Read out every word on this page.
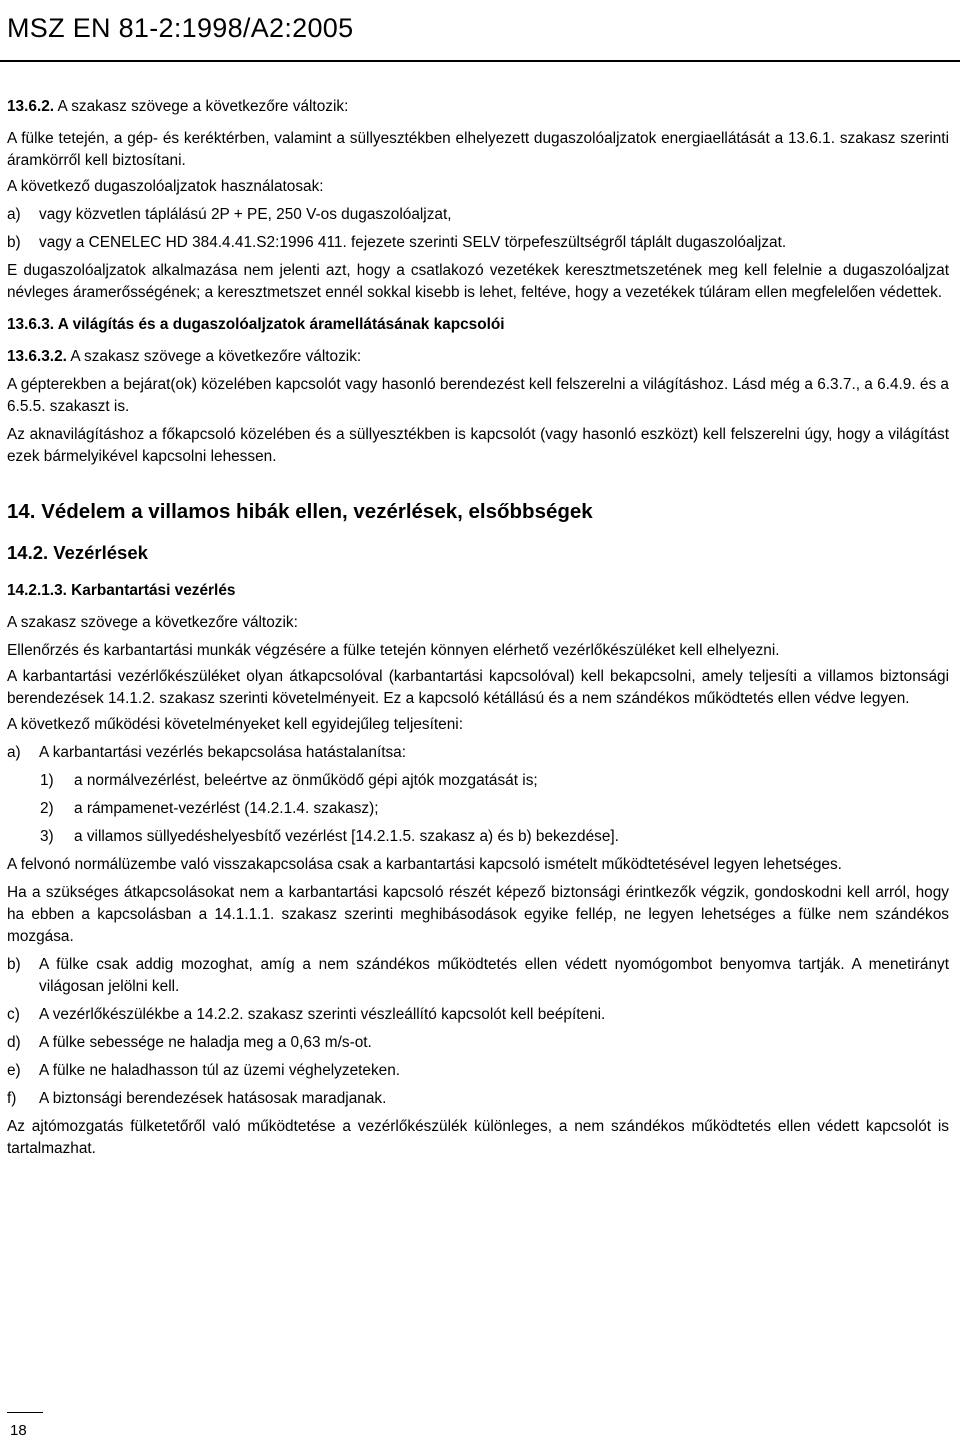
MSZ EN 81-2:1998/A2:2005

13.6.2. A szakasz szövege a következőre változik:

A fülke tetején, a gép- és keréktérben, valamint a süllyesztékben elhelyezett dugaszolóaljzatok energiaellátását a 13.6.1. szakasz szerinti áramkörről kell biztosítani.

A következő dugaszolóaljzatok használatosak:

a)	vagy közvetlen táplálású 2P + PE, 250 V-os dugaszolóaljzat,
b)	vagy a CENELEC HD 384.4.41.S2:1996 411. fejezete szerinti SELV törpefeszültségről táplált dugaszolóaljzat.

E dugaszolóaljzatok alkalmazása nem jelenti azt, hogy a csatlakozó vezetékek keresztmetszetének meg kell felelnie a dugaszolóaljzat névleges áramerősségének; a keresztmetszet ennél sokkal kisebb is lehet, feltéve, hogy a vezetékek túláram ellen megfelelően védettek.

13.6.3. A világítás és a dugaszolóaljzatok áramellátásának kapcsolói

13.6.3.2. A szakasz szövege a következőre változik:

A gépterekben a bejárat(ok) közelében kapcsolót vagy hasonló berendezést kell felszerelni a világításhoz. Lásd még a 6.3.7., a 6.4.9. és a 6.5.5. szakaszt is.

Az aknavilágításhoz a főkapcsoló közelében és a süllyesztékben is kapcsolót (vagy hasonló eszközt) kell felszerelni úgy, hogy a világítást ezek bármelyikével kapcsolni lehessen.

14. Védelem a villamos hibák ellen, vezérlések, elsőbbségek

14.2. Vezérlések

14.2.1.3. Karbantartási vezérlés

A szakasz szövege a következőre változik:

Ellenőrzés és karbantartási munkák végzésére a fülke tetején könnyen elérhető vezérlőkészüléket kell elhelyezni.

A karbantartási vezérlőkészüléket olyan átkapcsolóval (karbantartási kapcsolóval) kell bekapcsolni, amely teljesíti a villamos biztonsági berendezések 14.1.2. szakasz szerinti követelményeit. Ez a kapcsoló kétállású és a nem szándékos működtetés ellen védve legyen.

A következő működési követelményeket kell egyidejűleg teljesíteni:

a)	A karbantartási vezérlés bekapcsolása hatástalanítsa:
1)	a normálvezérlést, beleértve az önműködő gépi ajtók mozgatását is;
2)	a rámpamenet-vezérlést (14.2.1.4. szakasz);
3)	a villamos süllyedéshelyesbítő vezérlést [14.2.1.5. szakasz a) és b) bekezdése].

A felvonó normálüzembe való visszakapcsolása csak a karbantartási kapcsoló ismételt működtetésével legyen lehetséges.

Ha a szükséges átkapcsolásokat nem a karbantartási kapcsoló részét képező biztonsági érintkezők végzik, gondoskodni kell arról, hogy ha ebben a kapcsolásban a 14.1.1.1. szakasz szerinti meghibásodások egyike fellép, ne legyen lehetséges a fülke nem szándékos mozgása.

b)	A fülke csak addig mozoghat, amíg a nem szándékos működtetés ellen védett nyomógombot benyomva tartják. A menetirányt világosan jelölni kell.
c)	A vezérlőkészülékbe a 14.2.2. szakasz szerinti vészleállító kapcsolót kell beépíteni.
d)	A fülke sebessége ne haladja meg a 0,63 m/s-ot.
e)	A fülke ne haladhasson túl az üzemi véghelyzeteken.
f)	A biztonsági berendezések hatásosak maradjanak.

Az ajtómozgatás fülketetőről való működtetése a vezérlőkészülék különleges, a nem szándékos működtetés ellen védett kapcsolót is tartalmazhat.

18
